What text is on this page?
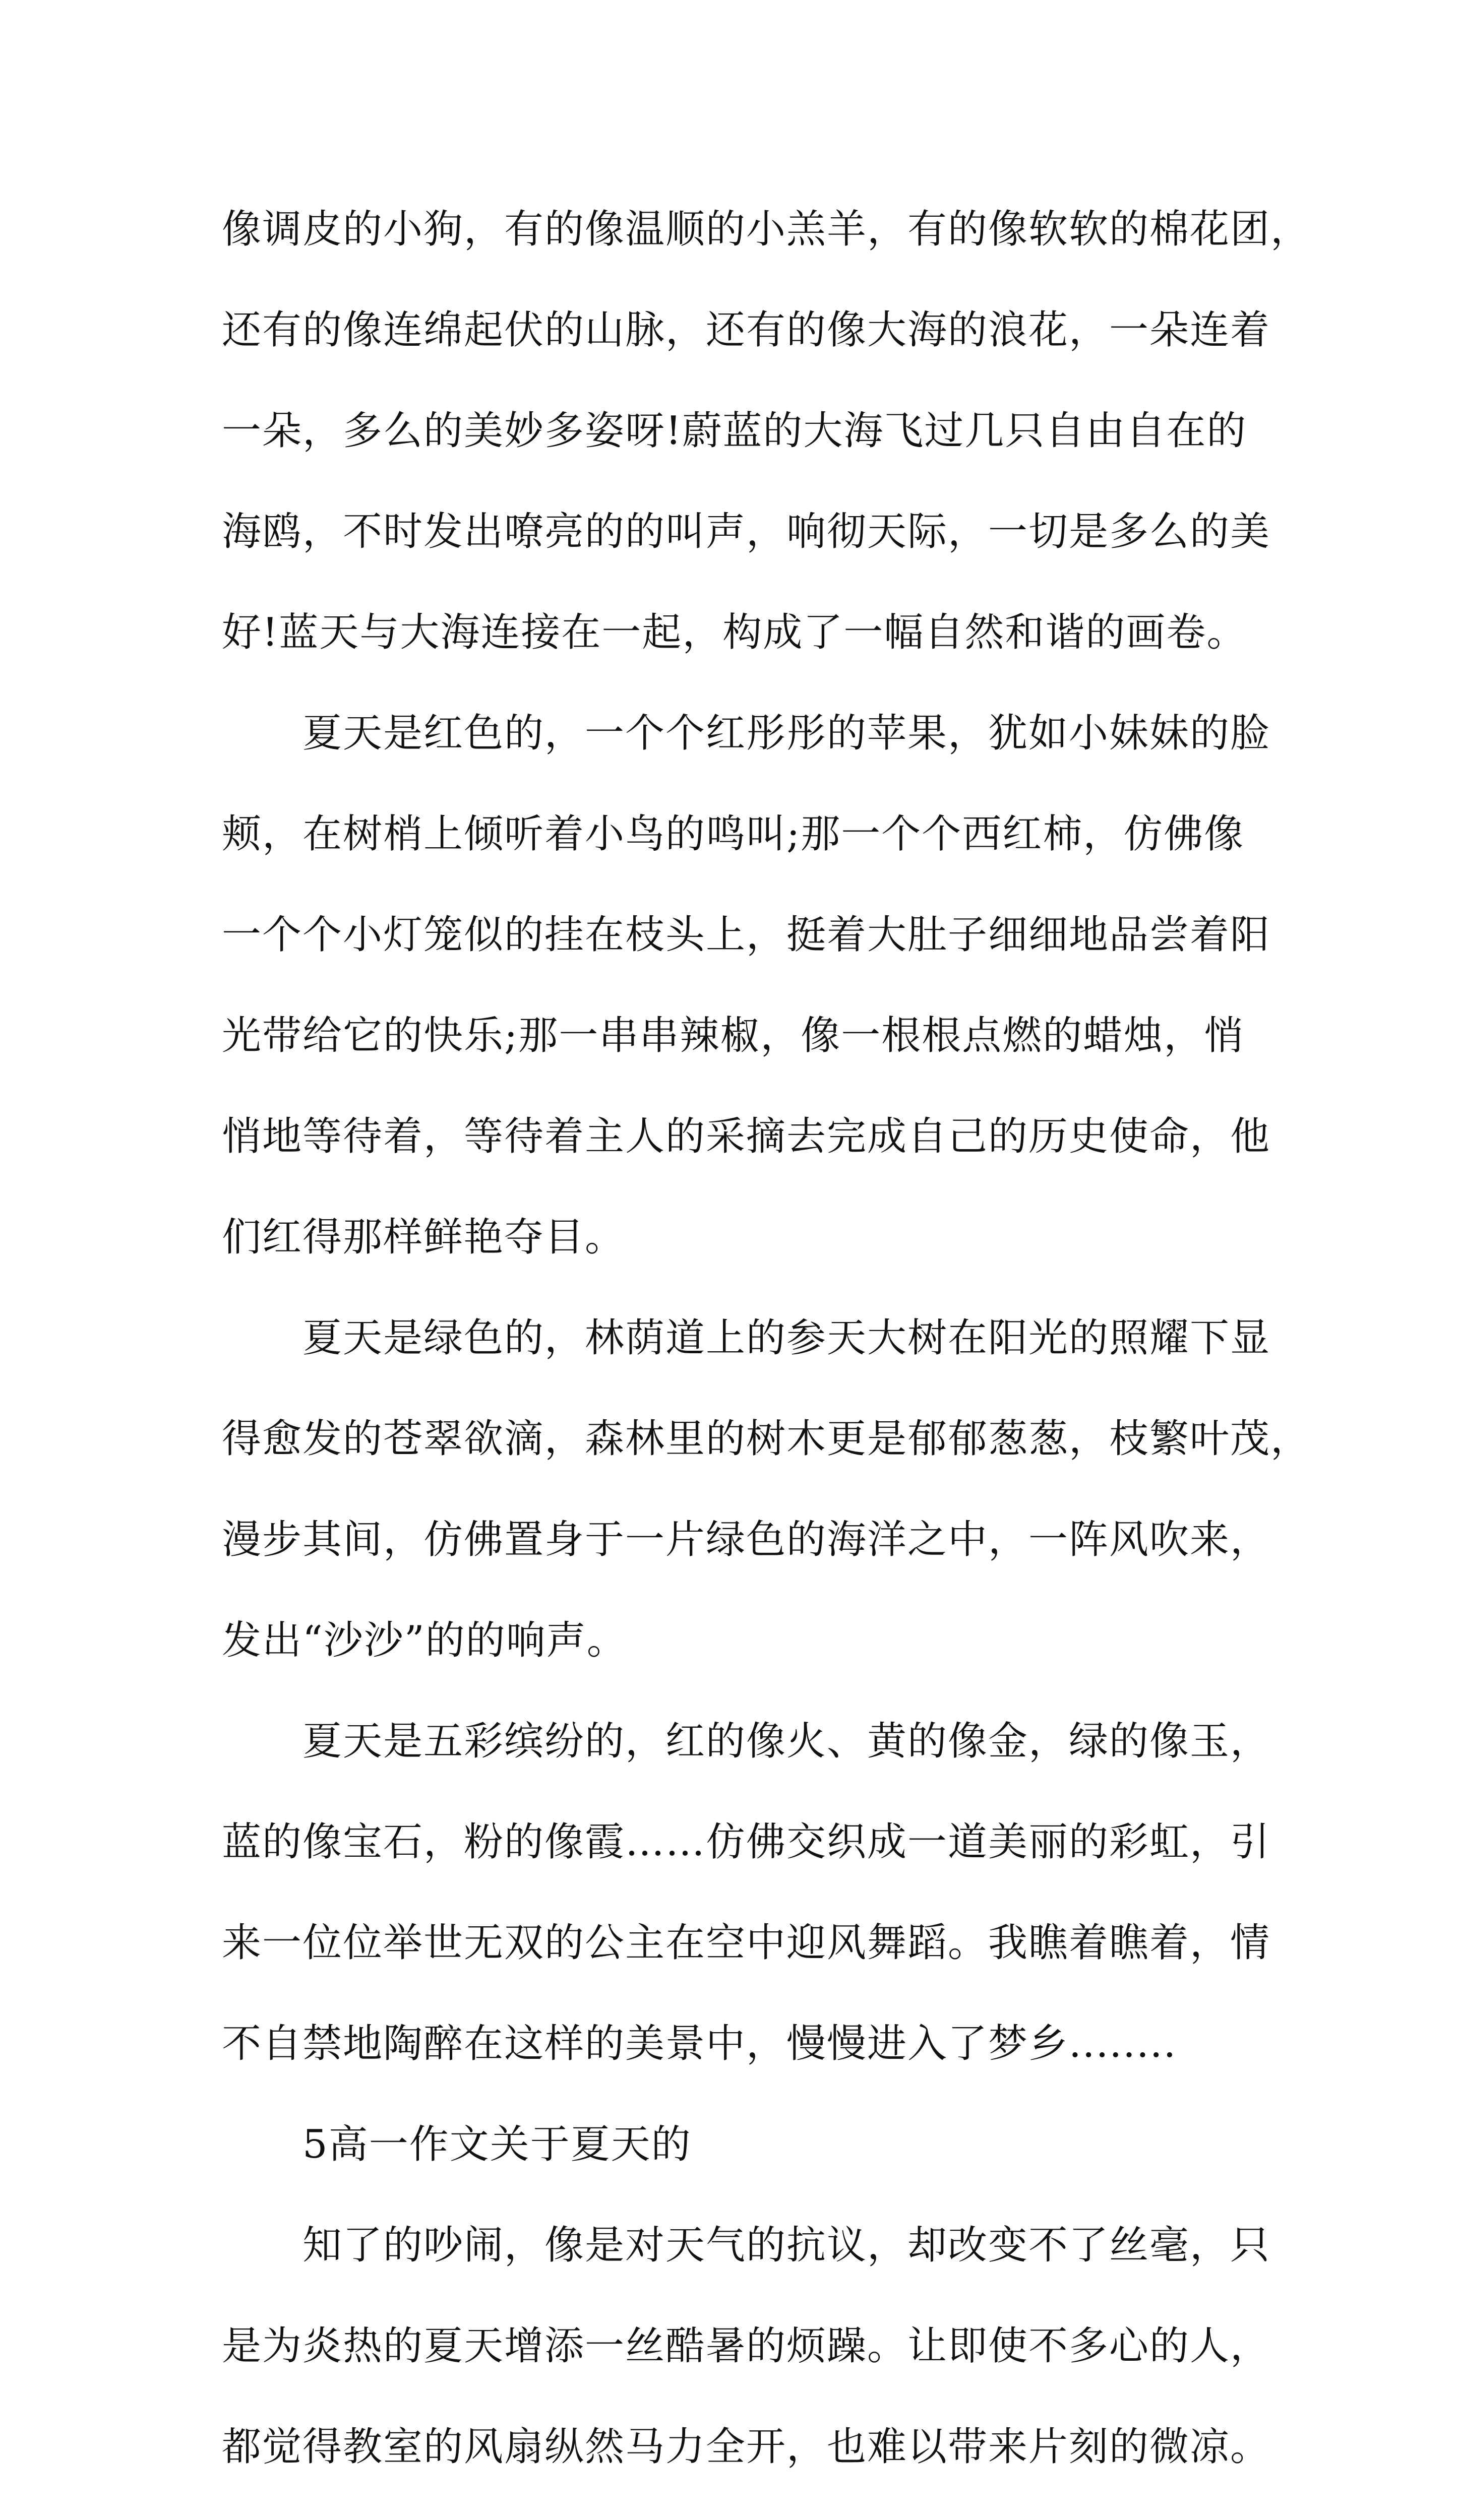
像调皮的小狗，有的像温顺的小羔羊，有的像软软的棉花团，
还有的像连绵起伏的山脉，还有的像大海的浪花，一朵连着
一朵，多么的美妙多姿呀!蔚蓝的大海飞过几只自由自在的
海鸥，不时发出嘹亮的的叫声，响彻天际，一切是多么的美
好!蓝天与大海连接在一起，构成了一幅自然和谐的画卷。
夏天是红色的，一个个红彤彤的苹果，犹如小妹妹的脸
颊，在树梢上倾听着小鸟的鸣叫;那一个个西红柿，仿佛像
一个个小灯笼似的挂在枝头上，挺着大肚子细细地品尝着阳
光带给它的快乐;那一串串辣椒，像一根根点燃的蜡烛，悄
悄地等待着，等待着主人的采摘去完成自己的历史使命，他
们红得那样鲜艳夺目。
夏天是绿色的，林荫道上的参天大树在阳光的照耀下显
得愈发的苍翠欲滴，森林里的树木更是郁郁葱葱，枝繁叶茂，
漫步其间，仿佛置身于一片绿色的海洋之中，一阵风吹来，
发出“沙沙”的的响声。
夏天是五彩缤纷的，红的像火、黄的像金，绿的像玉，
蓝的像宝石，粉的像霞……仿佛交织成一道美丽的彩虹，引
来一位位举世无双的公主在空中迎风舞蹈。我瞧着瞧着，情
不自禁地陶醉在这样的美景中，慢慢进入了梦乡........
5高一作文关于夏天的
知了的吵闹，像是对天气的抗议，却改变不了丝毫，只
是为炎热的夏天增添一丝酷暑的烦躁。让即使不多心的人，
都觉得教室的风扇纵然马力全开，也难以带来片刻的微凉。
